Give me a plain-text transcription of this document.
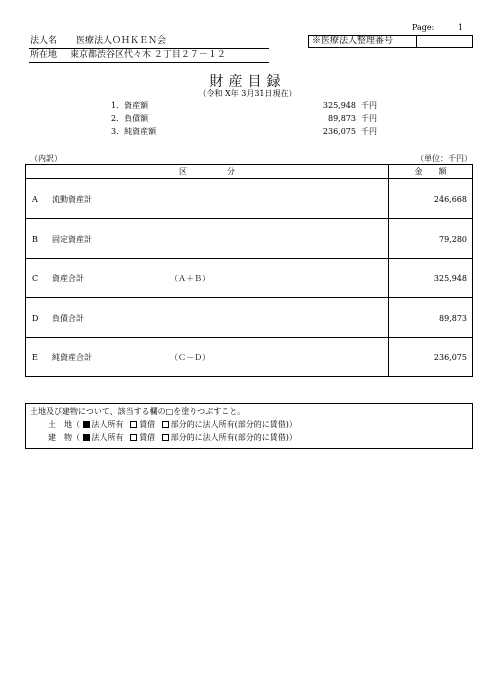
Page:	1
法人名 医療法人ＯＨＫＥＮ会	※医療法人整理番号
所在地 東京都渋谷区代々木 ２丁目２７－１２
財産目録
（令和 X年 3月31日現在）
1．資産額	325,948 千円
2．負債額	89,873 千円
3．純資産額	236,075 千円
（内訳）	（単位：千円）
区　　　　　分	金　　額
A 流動資産計	246,668
B 固定資産計	79,280
C 資産合計	（Ａ＋Ｂ）	325,948
D 負債合計	89,873
E 純資産合計	（Ｃ－Ｄ）	236,075
土地及び建物について、該当する欄の□を塗りつぶすこと。
土　地（ 法人所有   賃借   部分的に法人所有(部分的に賃借)）
建　物（ 法人所有   賃借   部分的に法人所有(部分的に賃借)）
